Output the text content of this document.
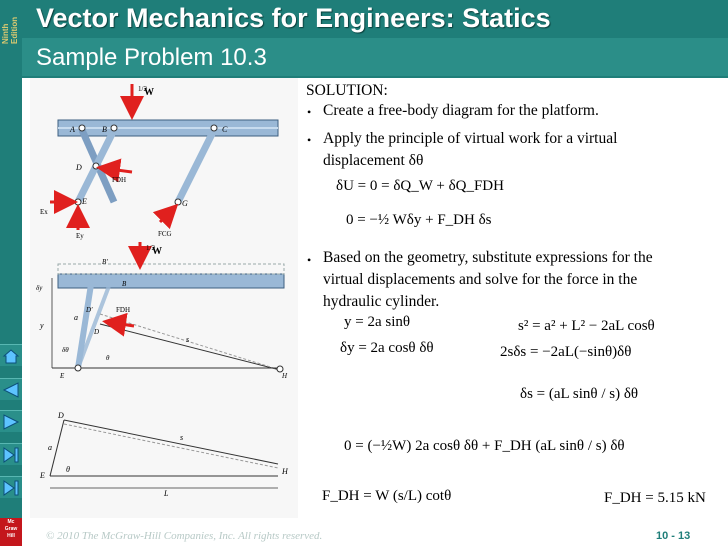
Ninth Edition
Mc
Graw
Hill
Vector Mechanics for Engineers: Statics
Sample Problem 10.3
1/2
W
A	B	C
D
E	G
FDH
Ex
Ey	FCG
1/2
W
B′
B
D′
D
E	H
s
a
y
δy
δθ
θ
FDH
D
E	H
s
a
θ
L
SOLUTION:
• Create a free-body diagram for the platform.
• Apply the principle of virtual work for a virtual
displacement δθ
δU = 0 = δQ_W + δQ_FDH
0 = −½ Wδy + F_DH δs
• Based on the geometry, substitute expressions for the
virtual displacements and solve for the force in the
hydraulic cylinder.
y = 2a sinθ
δy = 2a cosθ δθ
s² = a² + L² − 2aL cosθ
2sδs = −2aL(−sinθ)δθ
δs = (aL sinθ / s) δθ
0 = (−½W) 2a cosθ δθ + F_DH (aL sinθ / s) δθ
F_DH = W (s/L) cotθ	F_DH = 5.15 kN
© 2010 The McGraw-Hill Companies, Inc. All rights reserved.	10 - 13
